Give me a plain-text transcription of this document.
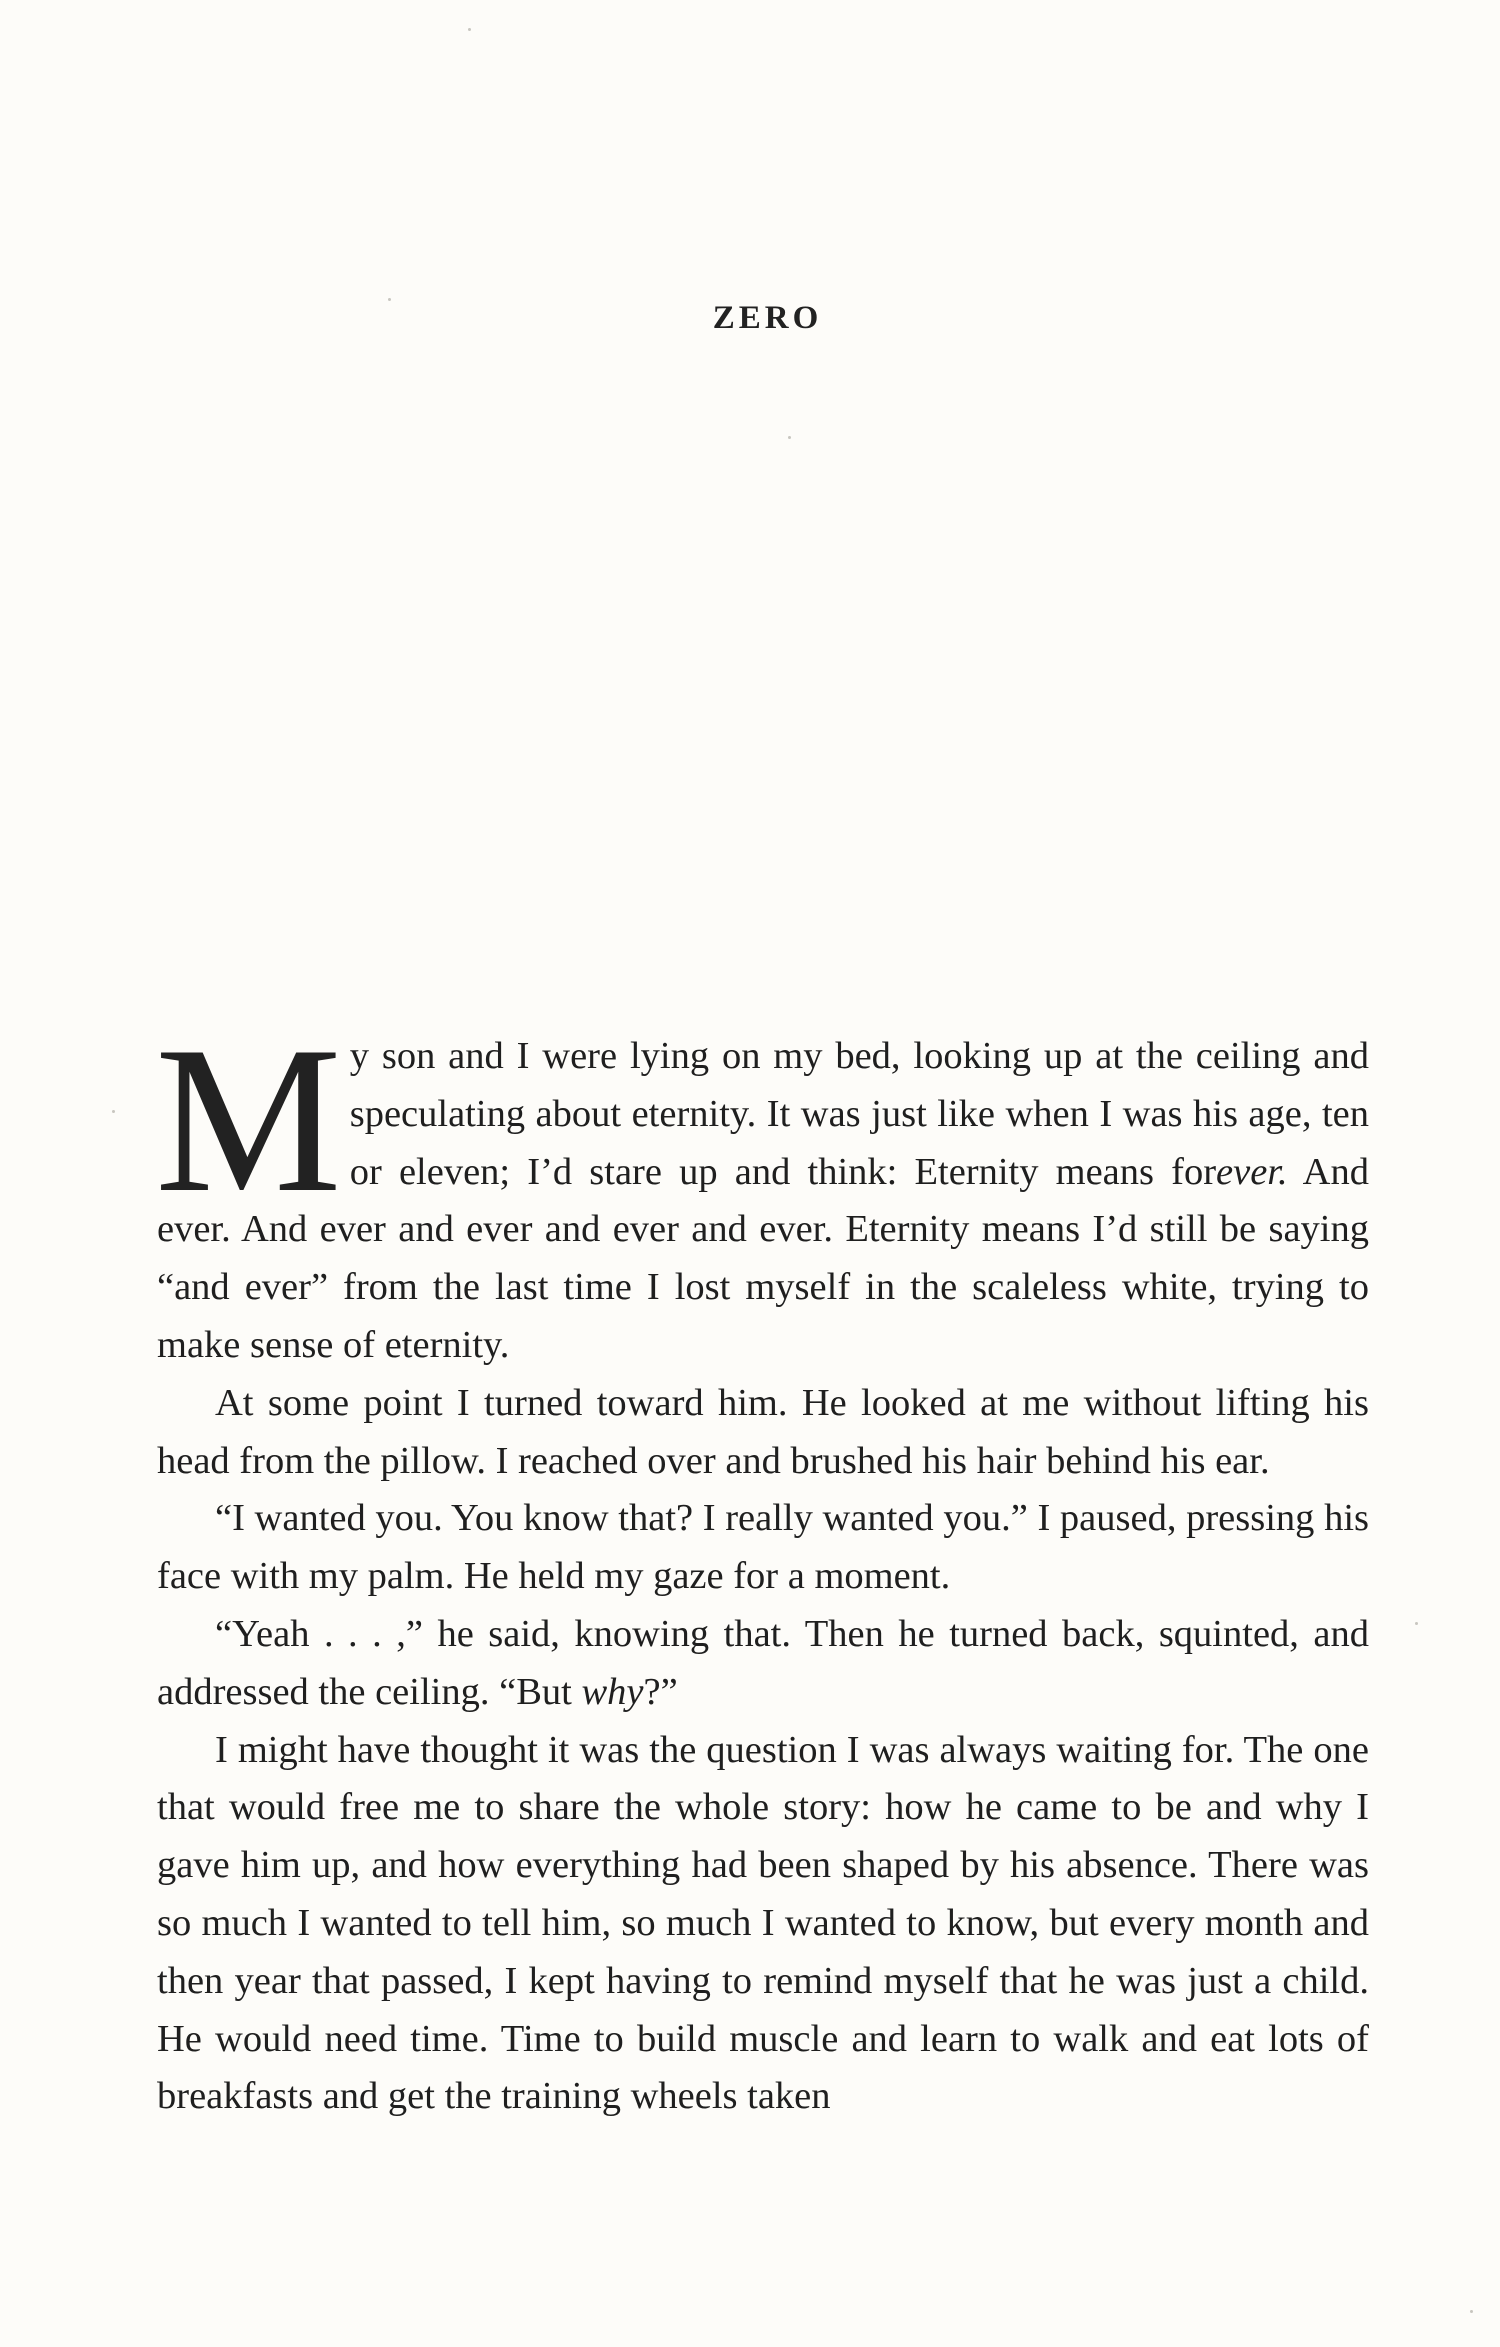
ZERO

My son and I were lying on my bed, looking up at the ceiling and speculating about eternity. It was just like when I was his age, ten or eleven; I’d stare up and think: Eternity means forever. And ever. And ever and ever and ever and ever. Eternity means I’d still be saying “and ever” from the last time I lost myself in the scaleless white, trying to make sense of eternity.

At some point I turned toward him. He looked at me without lifting his head from the pillow. I reached over and brushed his hair behind his ear.

“I wanted you. You know that? I really wanted you.” I paused, pressing his face with my palm. He held my gaze for a moment.

“Yeah . . . ,” he said, knowing that. Then he turned back, squinted, and addressed the ceiling. “But why?”

I might have thought it was the question I was always waiting for. The one that would free me to share the whole story: how he came to be and why I gave him up, and how everything had been shaped by his absence. There was so much I wanted to tell him, so much I wanted to know, but every month and then year that passed, I kept having to remind myself that he was just a child. He would need time. Time to build muscle and learn to walk and eat lots of breakfasts and get the training wheels taken
